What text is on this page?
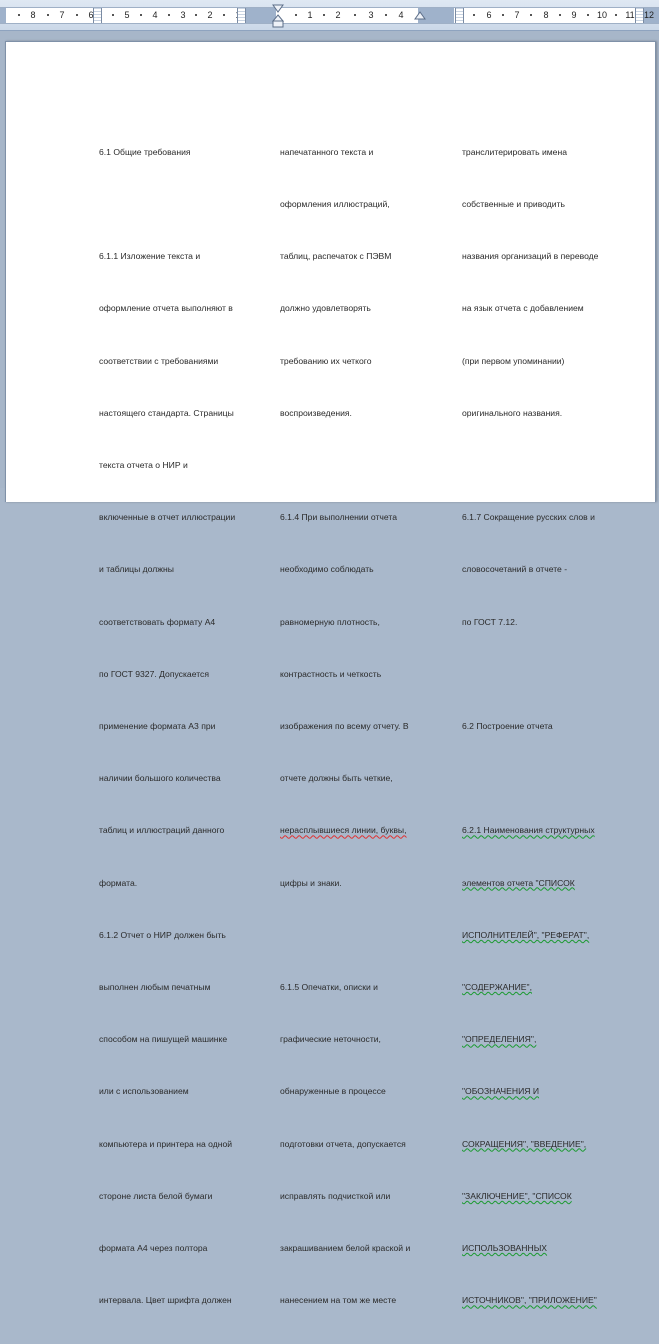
8	7	6	5	4	3	2	1	2	3	4	6	7	8	9	10	11	12

6.1 Общие требования

6.1.1 Изложение текста и

оформление отчета выполняют в

соответствии с требованиями

настоящего стандарта. Страницы

текста отчета о НИР и

включенные в отчет иллюстрации

и таблицы должны

соответствовать формату А4

по ГОСТ 9327. Допускается

применение формата А3 при

наличии большого количества

таблиц и иллюстраций данного

формата.

6.1.2 Отчет о НИР должен быть

выполнен любым печатным

способом на пишущей машинке

или с использованием

компьютера и принтера на одной

стороне листа белой бумаги

формата А4 через полтора

интервала. Цвет шрифта должен

напечатанного текста и

оформления иллюстраций,

таблиц, распечаток с ПЭВМ

должно удовлетворять

требованию их четкого

воспроизведения.

6.1.4 При выполнении отчета

необходимо соблюдать

равномерную плотность,

контрастность и четкость

изображения по всему отчету. В

отчете должны быть четкие,

нерасплывшиеся линии, буквы,

цифры и знаки.

6.1.5 Опечатки, описки и

графические неточности,

обнаруженные в процессе

подготовки отчета, допускается

исправлять подчисткой или

закрашиванием белой краской и

нанесением на том же месте

транслитерировать имена

собственные и приводить

названия организаций в переводе

на язык отчета с добавлением

(при первом упоминании)

оригинального названия.

6.1.7 Сокращение русских слов и

словосочетаний в отчете -

по ГОСТ 7.12.

6.2 Построение отчета

6.2.1 Наименования структурных

элементов отчета "СПИСОК

ИСПОЛНИТЕЛЕЙ", "РЕФЕРАТ",

"СОДЕРЖАНИЕ",

"ОПРЕДЕЛЕНИЯ",

"ОБОЗНАЧЕНИЯ И

СОКРАЩЕНИЯ", "ВВЕДЕНИЕ",

"ЗАКЛЮЧЕНИЕ", "СПИСОК

ИСПОЛЬЗОВАННЫХ

ИСТОЧНИКОВ", "ПРИЛОЖЕНИЕ"
